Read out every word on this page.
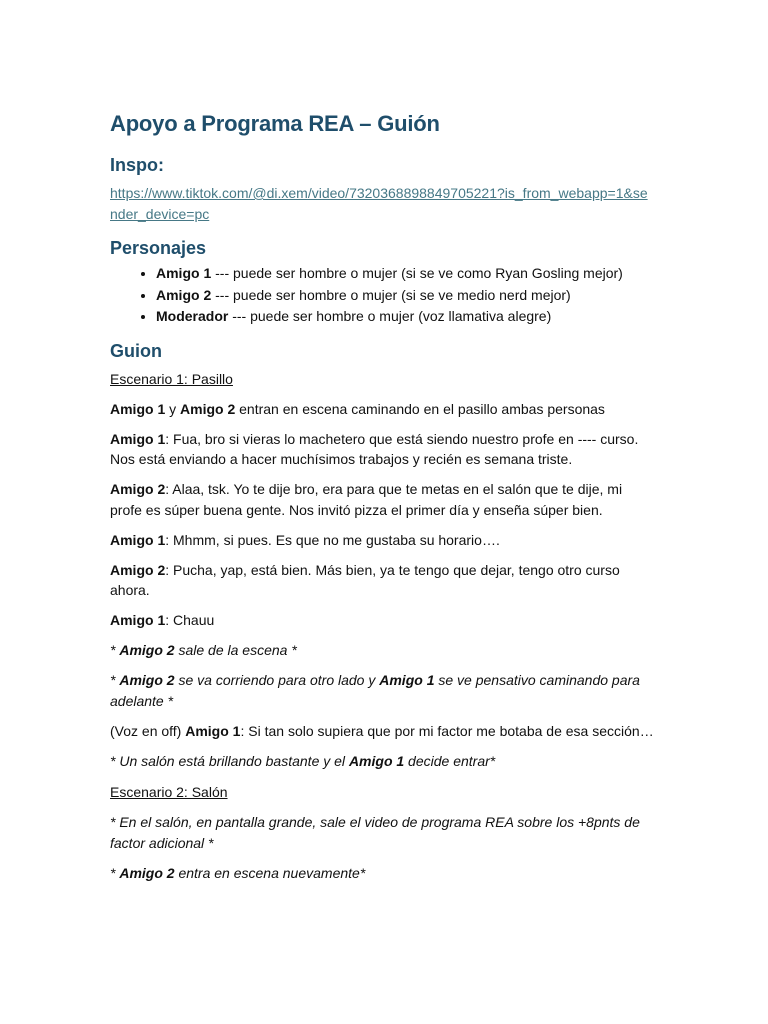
Apoyo a Programa REA – Guión
Inspo:
https://www.tiktok.com/@di.xem/video/7320368898849705221?is_from_webapp=1&sender_device=pc
Personajes
• Amigo 1 --- puede ser hombre o mujer (si se ve como Ryan Gosling mejor)
• Amigo 2 --- puede ser hombre o mujer (si se ve medio nerd mejor)
• Moderador --- puede ser hombre o mujer (voz llamativa alegre)
Guion

Escenario 1: Pasillo

Amigo 1 y Amigo 2 entran en escena caminando en el pasillo ambas personas

Amigo 1: Fua, bro si vieras lo machetero que está siendo nuestro profe en ---- curso. Nos está enviando a hacer muchísimos trabajos y recién es semana triste.

Amigo 2: Alaa, tsk. Yo te dije bro, era para que te metas en el salón que te dije, mi profe es súper buena gente. Nos invitó pizza el primer día y enseña súper bien.

Amigo 1: Mhmm, si pues. Es que no me gustaba su horario….

Amigo 2: Pucha, yap, está bien. Más bien, ya te tengo que dejar, tengo otro curso ahora.

Amigo 1: Chauu

* Amigo 2 sale de la escena *

* Amigo 2 se va corriendo para otro lado y Amigo 1 se ve pensativo caminando para adelante *

(Voz en off) Amigo 1: Si tan solo supiera que por mi factor me botaba de esa sección…

* Un salón está brillando bastante y el Amigo 1 decide entrar*

Escenario 2: Salón

* En el salón, en pantalla grande, sale el video de programa REA sobre los +8pnts de factor adicional *

* Amigo 2 entra en escena nuevamente*
